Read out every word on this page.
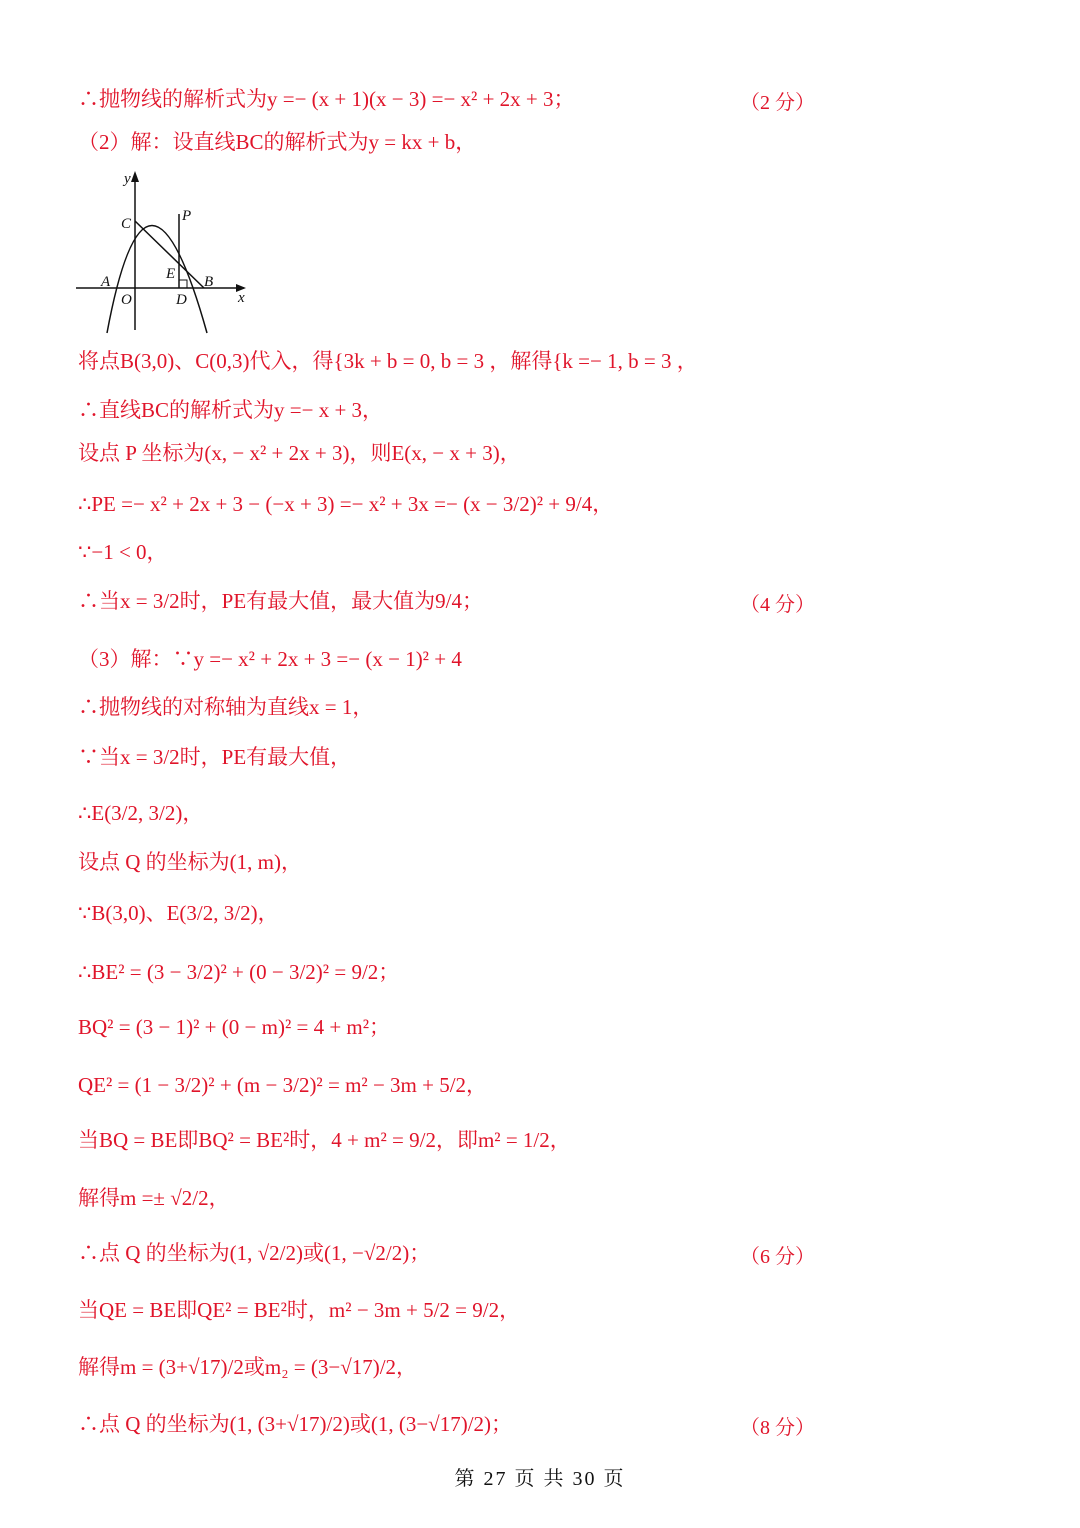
∴抛物线的解析式为y =− (x + 1)(x − 3) =− x² + 2x + 3；
（2）解：设直线BC的解析式为y = kx + b，
y
x
C	P
A
O
E
D
B
将点B(3,0)、C(0,3)代入，得{3k + b = 0, b = 3 ，解得{k =− 1, b = 3 ，
∴直线BC的解析式为y =− x + 3，
设点 P 坐标为(x, − x² + 2x + 3)，则E(x, − x + 3)，
∴PE =− x² + 2x + 3 − (−x + 3) =− x² + 3x =− (x − 3/2)² + 9/4，
∵−1 < 0，
∴当x = 3/2时，PE有最大值，最大值为9/4；
（3）解：∵y =− x² + 2x + 3 =− (x − 1)² + 4
∴抛物线的对称轴为直线x = 1，
∵当x = 3/2时，PE有最大值，
∴E(3/2, 3/2)，
设点 Q 的坐标为(1, m)，
∵B(3,0)、E(3/2, 3/2)，
∴BE² = (3 − 3/2)² + (0 − 3/2)² = 9/2；
BQ² = (3 − 1)² + (0 − m)² = 4 + m²；
QE² = (1 − 3/2)² + (m − 3/2)² = m² − 3m + 5/2，
当BQ = BE即BQ² = BE²时，4 + m² = 9/2，即m² = 1/2，
解得m =± √2/2，
∴点 Q 的坐标为(1, √2/2)或(1, −√2/2)；
当QE = BE即QE² = BE²时，m² − 3m + 5/2 = 9/2，
解得m = (3+√17)/2或m₂ = (3−√17)/2，
∴点 Q 的坐标为(1, (3+√17)/2)或(1, (3−√17)/2)；
（2 分）
（4 分）
（6 分）
（8 分）
第 27 页 共 30 页
